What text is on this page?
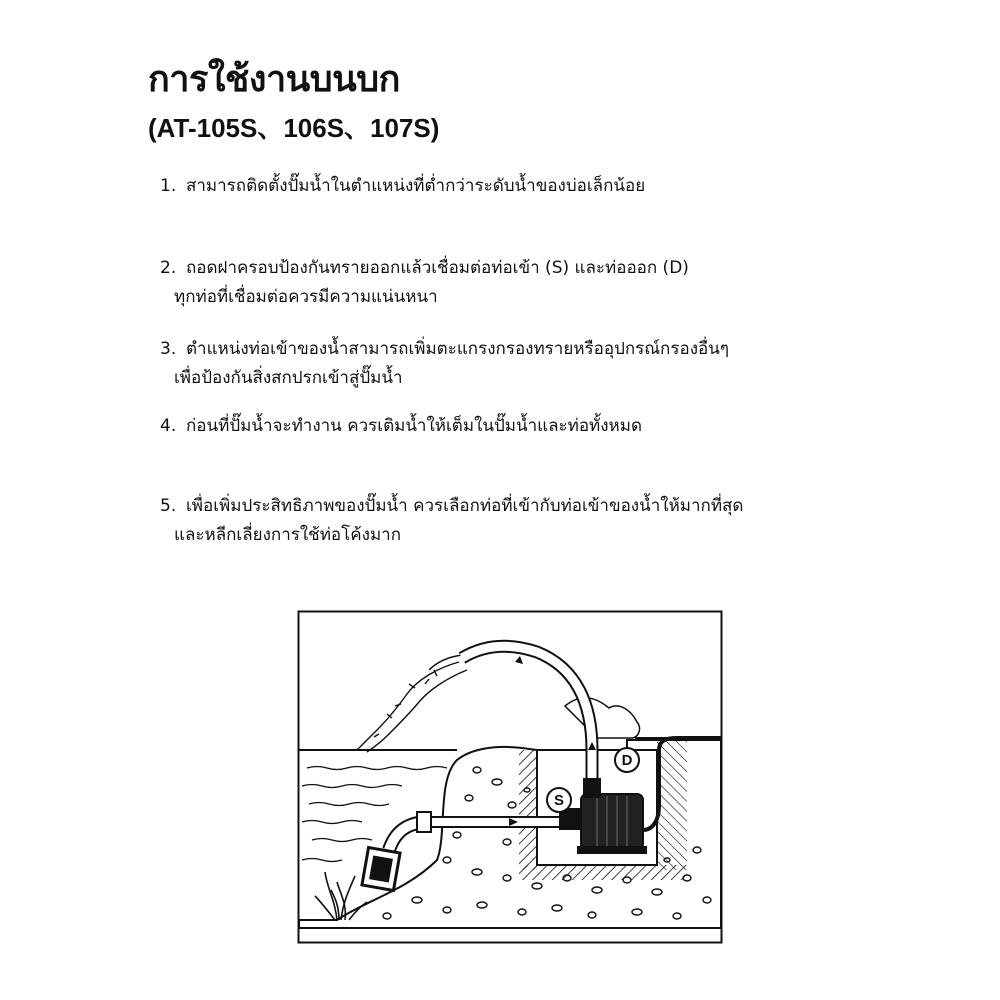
การใช้งานบนบก
(AT-105S、106S、107S)
1. สามารถติดตั้งปั๊มน้ำในตำแหน่งที่ต่ำกว่าระดับน้ำของบ่อเล็กน้อย
2. ถอดฝาครอบป้องกันทรายออกแล้วเชื่อมต่อท่อเข้า (S) และท่อออก (D)
ทุกท่อที่เชื่อมต่อควรมีความแน่นหนา
3. ตำแหน่งท่อเข้าของน้ำสามารถเพิ่มตะแกรงกรองทรายหรืออุปกรณ์กรองอื่นๆ
เพื่อป้องกันสิ่งสกปรกเข้าสู่ปั๊มน้ำ
4. ก่อนที่ปั๊มน้ำจะทำงาน ควรเติมน้ำให้เต็มในปั๊มน้ำและท่อทั้งหมด
5. เพื่อเพิ่มประสิทธิภาพของปั๊มน้ำ ควรเลือกท่อที่เข้ากับท่อเข้าของน้ำให้มากที่สุด
และหลีกเลี่ยงการใช้ท่อโค้งมาก
S
D
